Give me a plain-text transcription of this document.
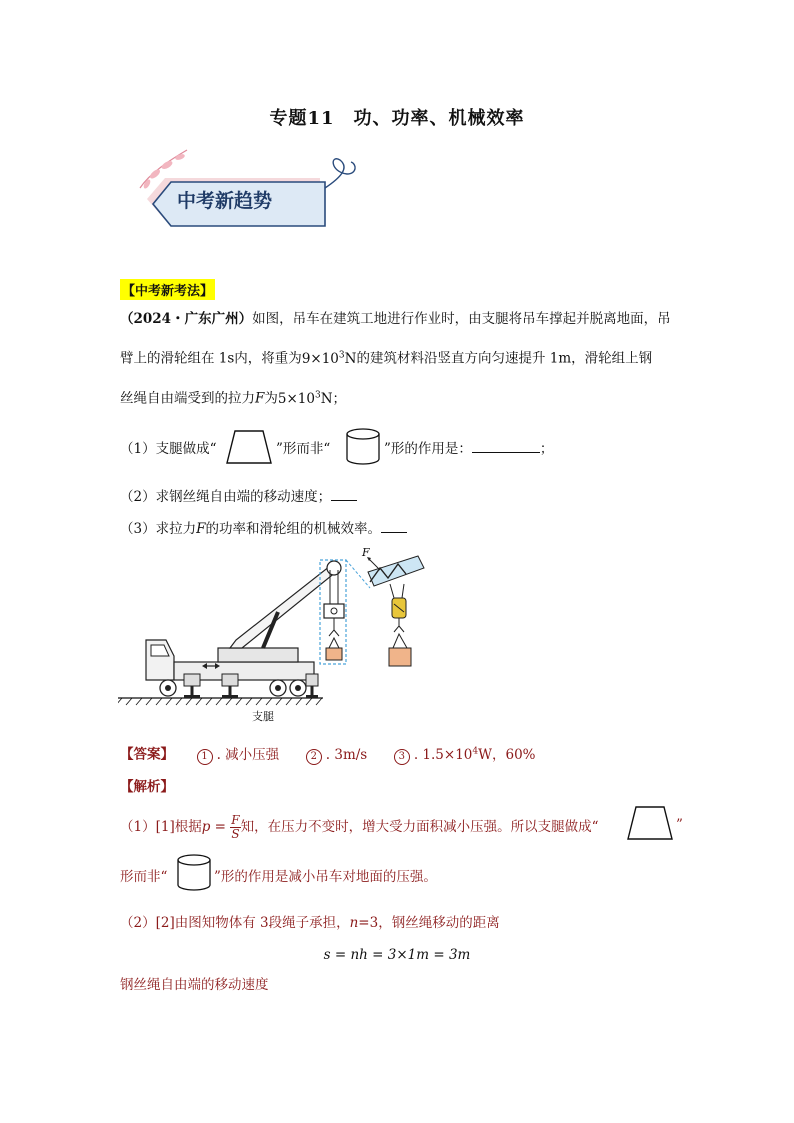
专题11　功、功率、机械效率
中考新趋势
【中考新考法】
（2024・广东广州）如图，吊车在建筑工地进行作业时，由支腿将吊车撑起并脱离地面，吊
臂上的滑轮组在 1s内，将重为$9\times 10^3N$的建筑材料沿竖直方向匀速提升 1m，滑轮组上钢
丝绳自由端受到的拉力F为$5\times 10^3N$；
（1）支腿做成“	”形而非“	”形的作用是：	；
（2）求钢丝绳自由端的移动速度；
（3）求拉力F的功率和滑轮组的机械效率。
F
支腿
【答案】	1 . 减小压强	2 . 3m/s	3 . $1.5\times 10^4W$，60%
【解析】
（1）[1]根据$p = \frac{F}{S}$知，在压力不变时，增大受力面积减小压强。所以支腿做成“	”
形而非“	”形的作用是减小吊车对地面的压强。
（2）[2]由图知物体有 3段绳子承担，n=3，钢丝绳移动的距离
s = nh = 3×1m = 3m
钢丝绳自由端的移动速度
